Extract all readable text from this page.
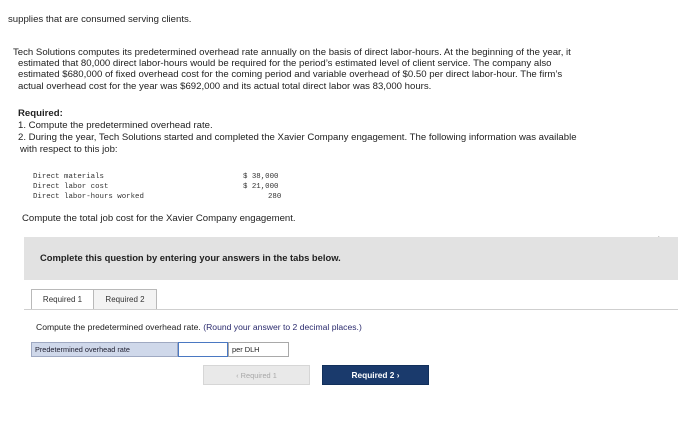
supplies that are consumed serving clients.
Tech Solutions computes its predetermined overhead rate annually on the basis of direct labor-hours. At the beginning of the year, it
estimated that 80,000 direct labor-hours would be required for the period’s estimated level of client service. The company also
estimated $680,000 of fixed overhead cost for the coming period and variable overhead of $0.50 per direct labor-hour. The firm’s
actual overhead cost for the year was $692,000 and its actual total direct labor was 83,000 hours.
Required:
1. Compute the predetermined overhead rate.
2. During the year, Tech Solutions started and completed the Xavier Company engagement. The following information was available
with respect to this job:
Direct materials	$ 38,000
Direct labor cost	$ 21,000
Direct labor-hours worked	280
Compute the total job cost for the Xavier Company engagement.
Complete this question by entering your answers in the tabs below.
Required 1	Required 2
Compute the predetermined overhead rate. (Round your answer to 2 decimal places.)
Predetermined overhead rate	per DLH
‹ Required 1	Required 2 ›
